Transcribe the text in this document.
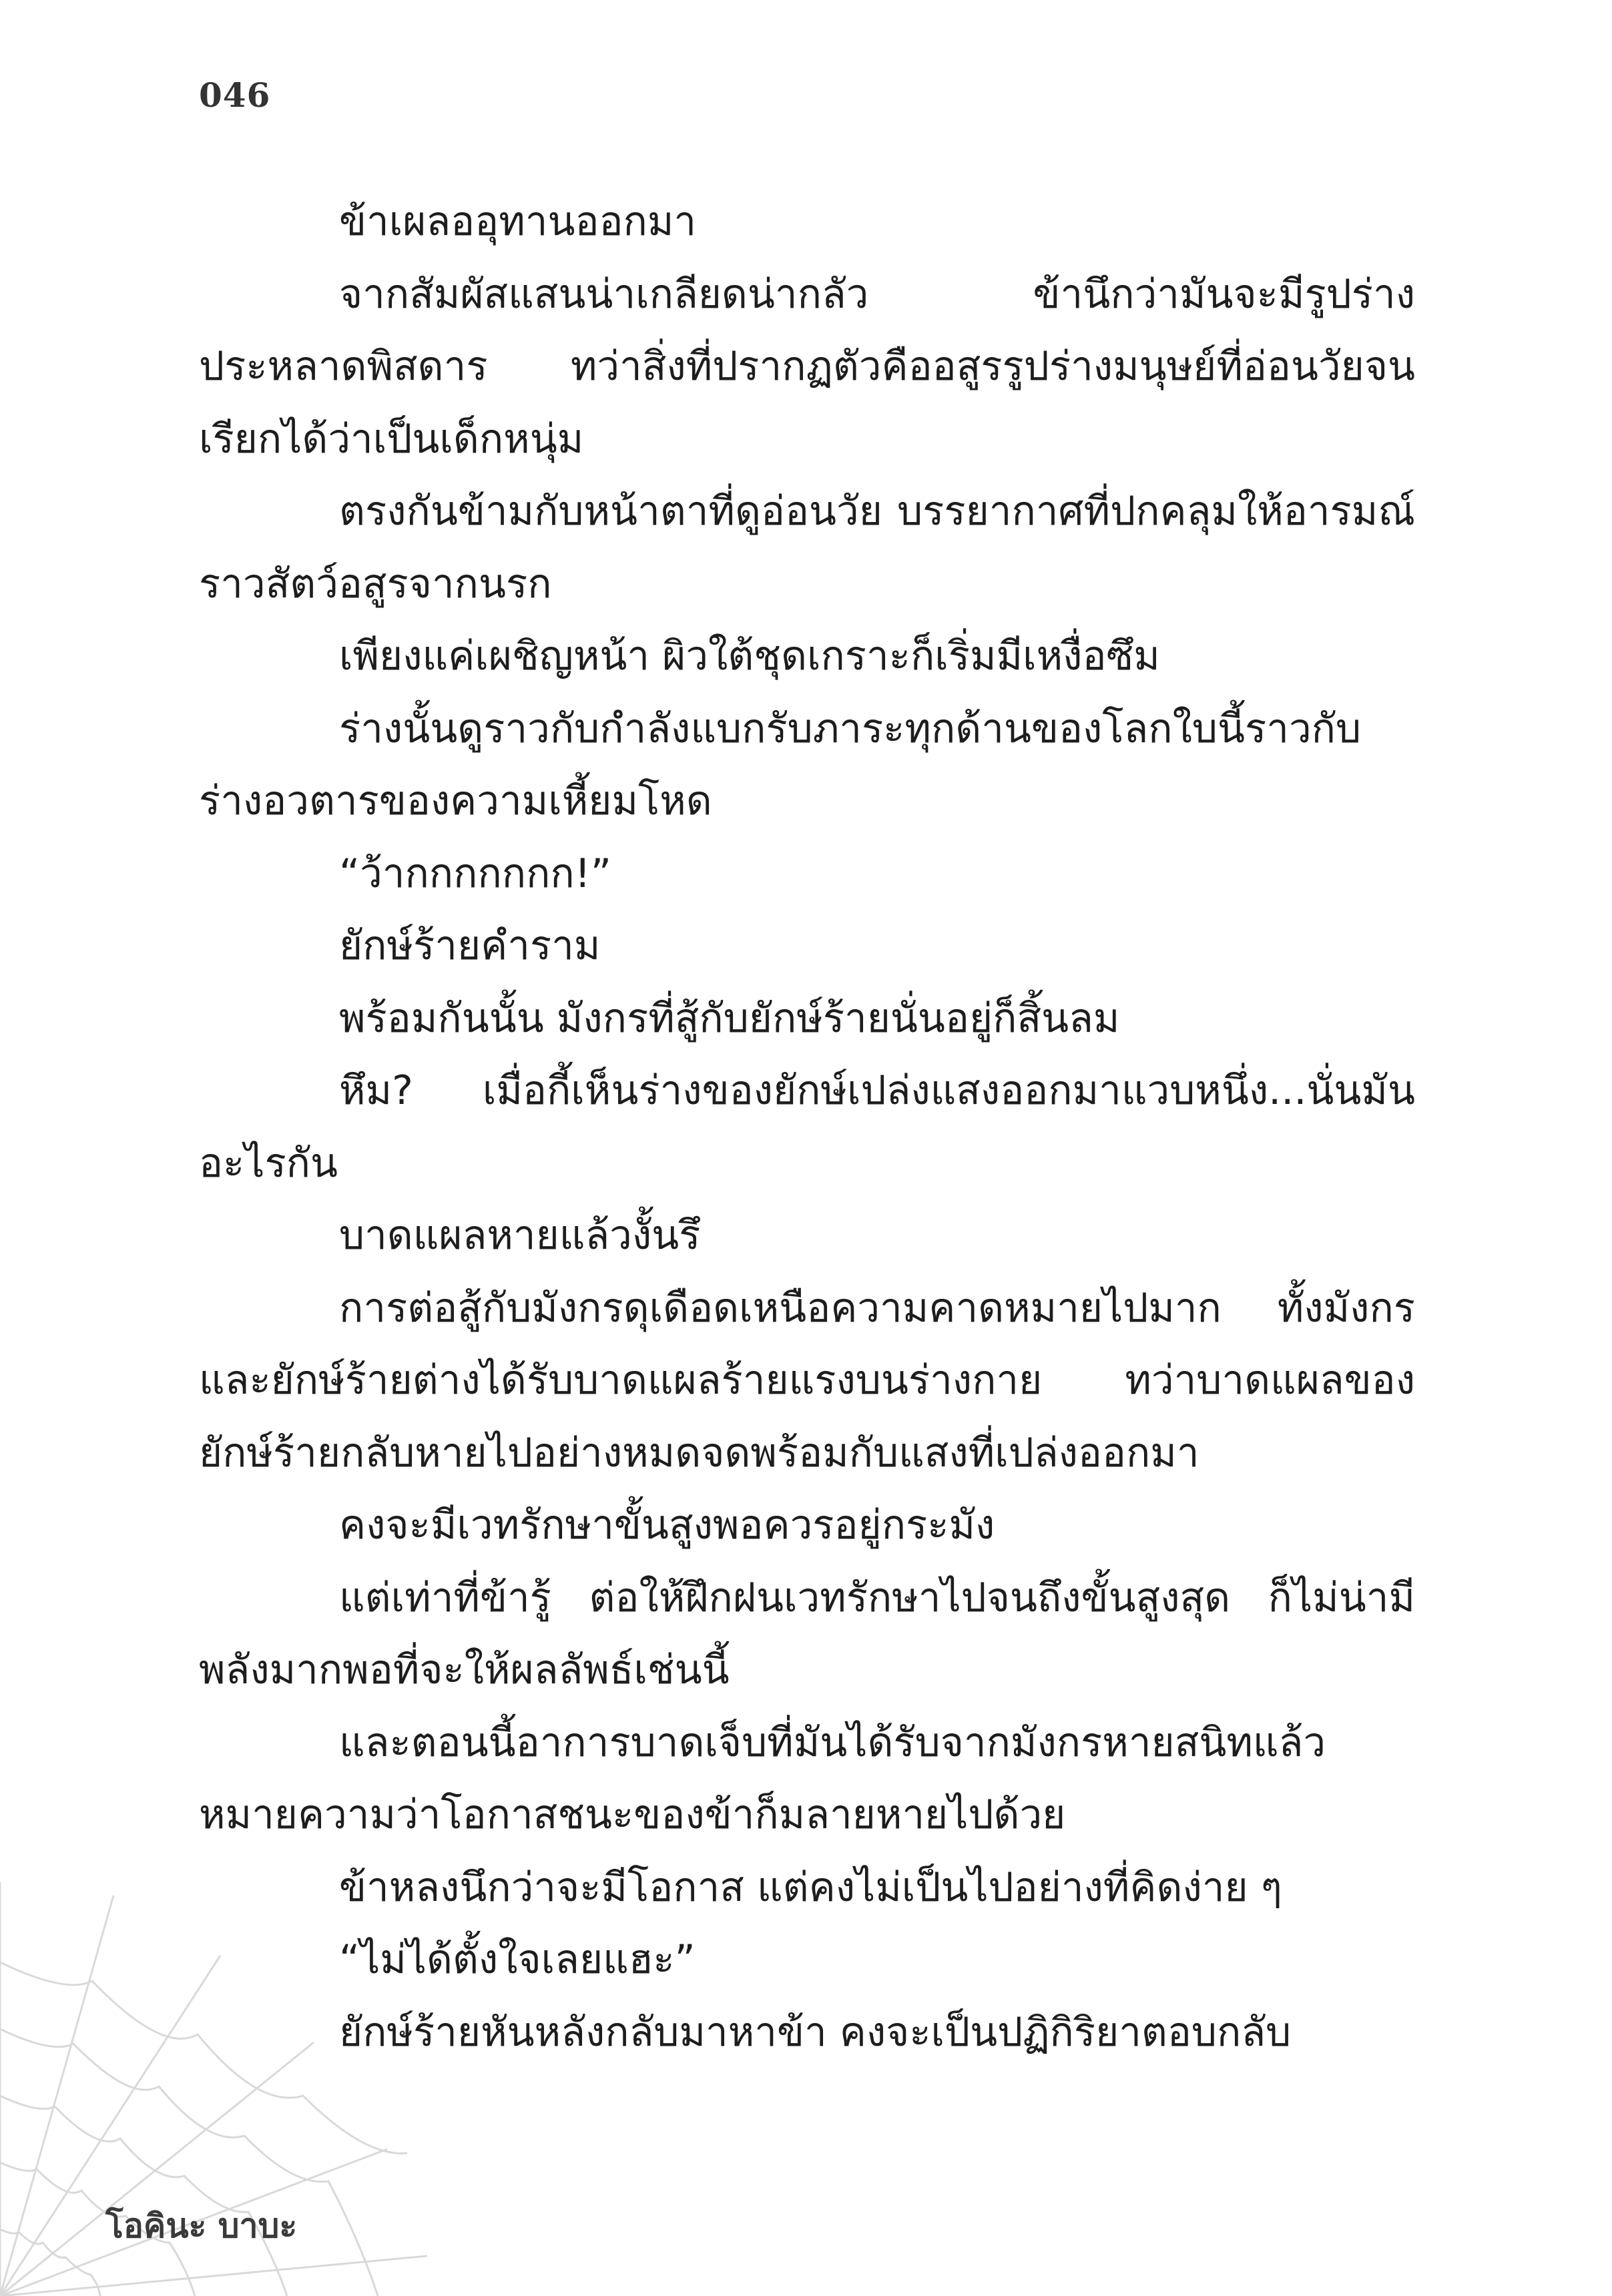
046

ข้าเผลออุทานออกมา

จากสัมผัสแสนน่าเกลียดน่ากลัว ข้านึกว่ามันจะมีรูปร่างประหลาดพิสดาร ทว่าสิ่งที่ปรากฏตัวคืออสูรรูปร่างมนุษย์ที่อ่อนวัยจนเรียกได้ว่าเป็นเด็กหนุ่ม

ตรงกันข้ามกับหน้าตาที่ดูอ่อนวัย บรรยากาศที่ปกคลุมให้อารมณ์ราวสัตว์อสูรจากนรก

เพียงแค่เผชิญหน้า ผิวใต้ชุดเกราะก็เริ่มมีเหงื่อซึม

ร่างนั้นดูราวกับกำลังแบกรับภาระทุกด้านของโลกใบนี้ราวกับร่างอวตารของความเหี้ยมโหด

“ว้ากกกกกกก!”

ยักษ์ร้ายคำราม

พร้อมกันนั้น มังกรที่สู้กับยักษ์ร้ายนั่นอยู่ก็สิ้นลม

หึม? เมื่อกี้เห็นร่างของยักษ์เปล่งแสงออกมาแวบหนึ่ง...นั่นมันอะไรกัน

บาดแผลหายแล้วงั้นรึ

การต่อสู้กับมังกรดุเดือดเหนือความคาดหมายไปมาก ทั้งมังกรและยักษ์ร้ายต่างได้รับบาดแผลร้ายแรงบนร่างกาย ทว่าบาดแผลของยักษ์ร้ายกลับหายไปอย่างหมดจดพร้อมกับแสงที่เปล่งออกมา

คงจะมีเวทรักษาขั้นสูงพอควรอยู่กระมัง

แต่เท่าที่ข้ารู้ ต่อให้ฝึกฝนเวทรักษาไปจนถึงขั้นสูงสุด ก็ไม่น่ามีพลังมากพอที่จะให้ผลลัพธ์เช่นนี้

และตอนนี้อาการบาดเจ็บที่มันได้รับจากมังกรหายสนิทแล้วหมายความว่าโอกาสชนะของข้าก็มลายหายไปด้วย

ข้าหลงนึกว่าจะมีโอกาส แต่คงไม่เป็นไปอย่างที่คิดง่าย ๆ

“ไม่ได้ตั้งใจเลยแฮะ”

ยักษ์ร้ายหันหลังกลับมาหาข้า คงจะเป็นปฏิกิริยาตอบกลับ

โอคินะ บาบะ
